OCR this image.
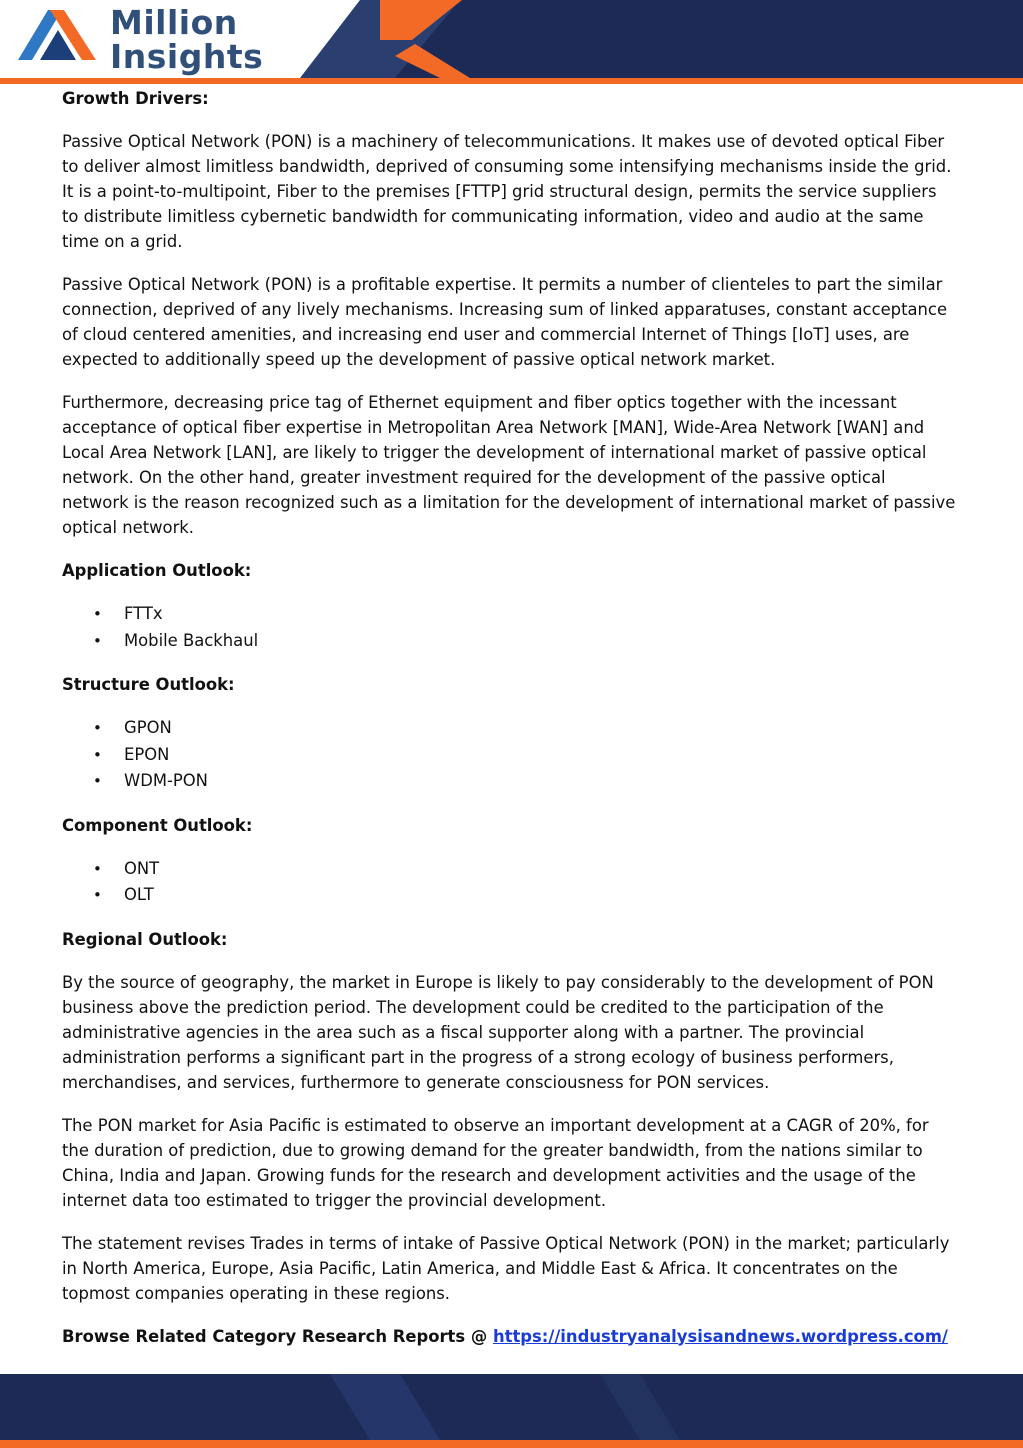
Million
Insights
Growth Drivers:

Passive Optical Network (PON) is a machinery of telecommunications. It makes use of devoted optical Fiber to deliver almost limitless bandwidth, deprived of consuming some intensifying mechanisms inside the grid. It is a point-to-multipoint, Fiber to the premises [FTTP] grid structural design, permits the service suppliers to distribute limitless cybernetic bandwidth for communicating information, video and audio at the same time on a grid.

Passive Optical Network (PON) is a profitable expertise. It permits a number of clienteles to part the similar connection, deprived of any lively mechanisms. Increasing sum of linked apparatuses, constant acceptance of cloud centered amenities, and increasing end user and commercial Internet of Things [IoT] uses, are expected to additionally speed up the development of passive optical network market.

Furthermore, decreasing price tag of Ethernet equipment and fiber optics together with the incessant acceptance of optical fiber expertise in Metropolitan Area Network [MAN], Wide-Area Network [WAN] and Local Area Network [LAN], are likely to trigger the development of international market of passive optical network. On the other hand, greater investment required for the development of the passive optical network is the reason recognized such as a limitation for the development of international market of passive optical network.

Application Outlook:
• FTTx
• Mobile Backhaul
Structure Outlook:
• GPON
• EPON
• WDM-PON
Component Outlook:
• ONT
• OLT
Regional Outlook:

By the source of geography, the market in Europe is likely to pay considerably to the development of PON business above the prediction period. The development could be credited to the participation of the administrative agencies in the area such as a fiscal supporter along with a partner. The provincial administration performs a significant part in the progress of a strong ecology of business performers, merchandises, and services, furthermore to generate consciousness for PON services.

The PON market for Asia Pacific is estimated to observe an important development at a CAGR of 20%, for the duration of prediction, due to growing demand for the greater bandwidth, from the nations similar to China, India and Japan. Growing funds for the research and development activities and the usage of the internet data too estimated to trigger the provincial development.

The statement revises Trades in terms of intake of Passive Optical Network (PON) in the market; particularly in North America, Europe, Asia Pacific, Latin America, and Middle East & Africa. It concentrates on the topmost companies operating in these regions.

Browse Related Category Research Reports @ https://industryanalysisandnews.wordpress.com/
